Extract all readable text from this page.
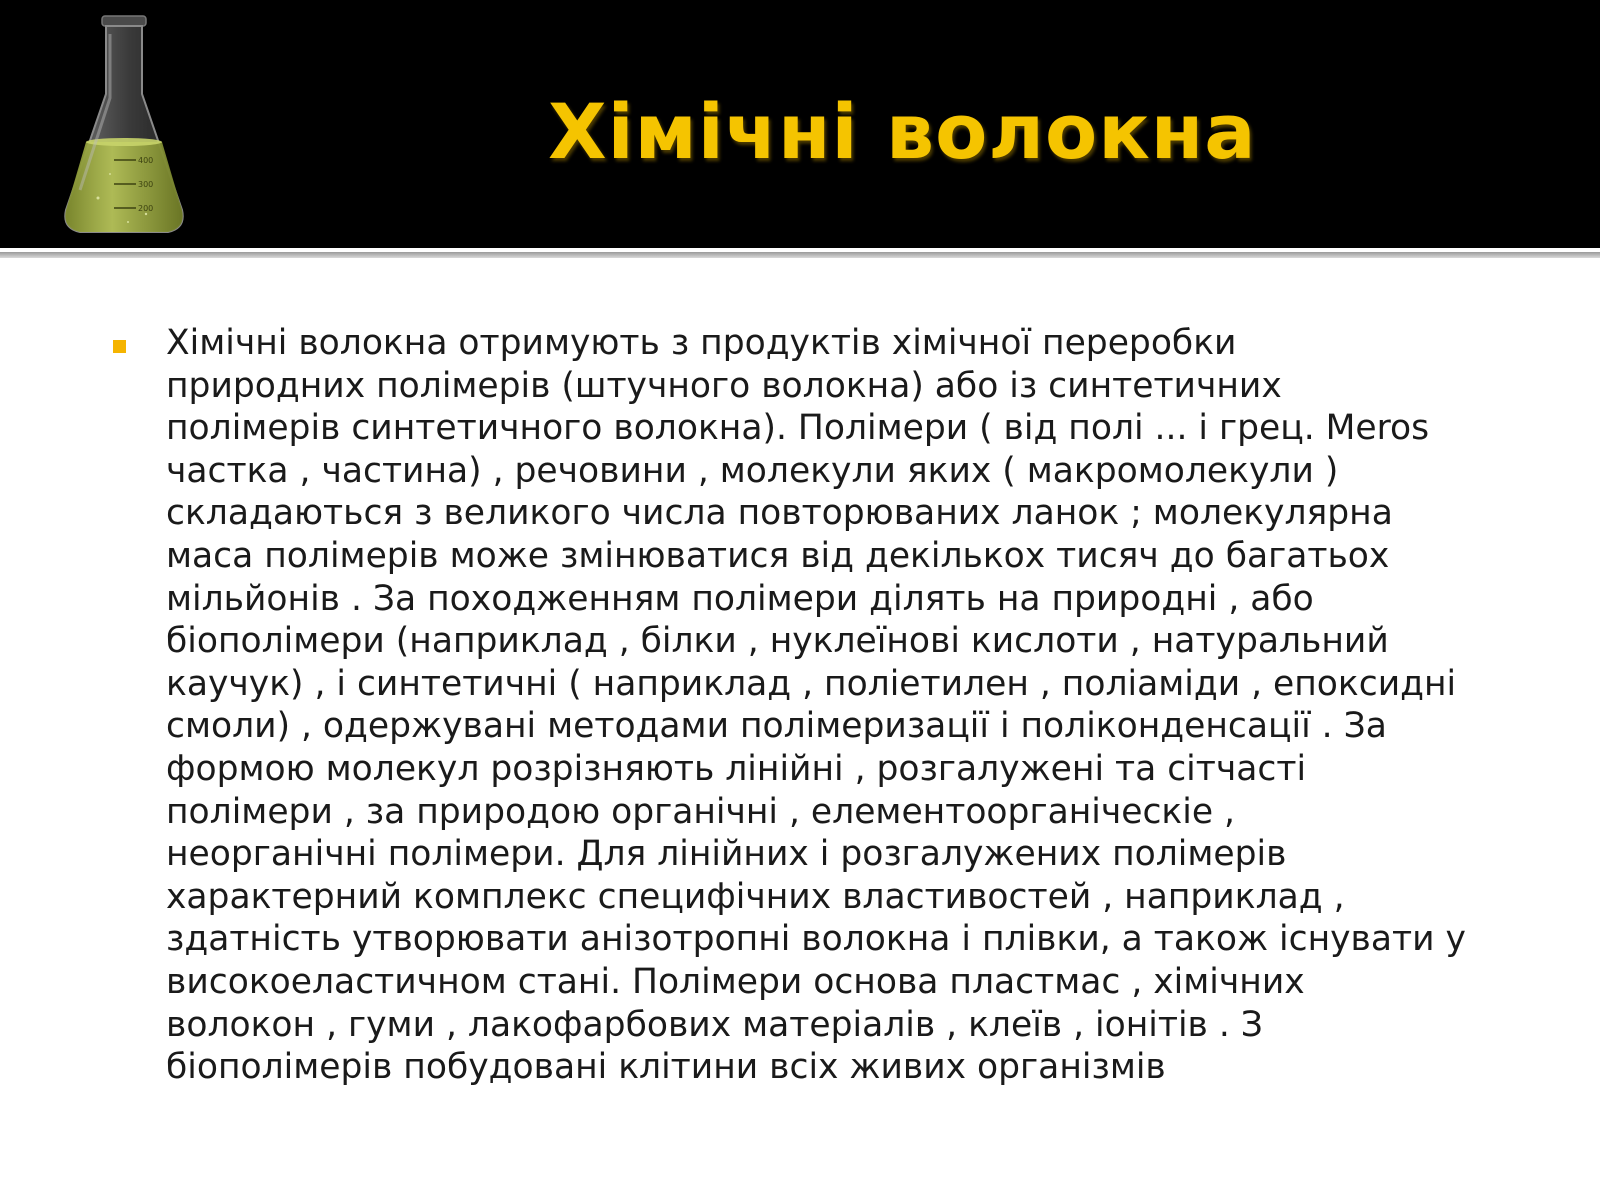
400
300
200
Хімічні волокна

Хімічні волокна отримують з продуктів хімічної переробки
природних полімерів (штучного волокна) або із синтетичних
полімерів синтетичного волокна). Полімери ( від полі ... і грец. Meros
частка , частина) , речовини , молекули яких ( макромолекули )
складаються з великого числа повторюваних ланок ; молекулярна
маса полімерів може змінюватися від декількох тисяч до багатьох
мільйонів . За походженням полімери ділять на природні , або
біополімери (наприклад , білки , нуклеїнові кислоти , натуральний
каучук) , і синтетичні ( наприклад , поліетилен , поліаміди , епоксидні
смоли) , одержувані методами полімеризації і поліконденсації . За
формою молекул розрізняють лінійні , розгалужені та сітчасті
полімери , за природою органічні , елементоорганіческіе ,
неорганічні полімери. Для лінійних і розгалужених полімерів
характерний комплекс специфічних властивостей , наприклад ,
здатність утворювати анізотропні волокна і плівки, а також існувати у
високоеластичном стані. Полімери основа пластмас , хімічних
волокон , гуми , лакофарбових матеріалів , клеїв , іонітів . З
біополімерів побудовані клітини всіх живих організмів
